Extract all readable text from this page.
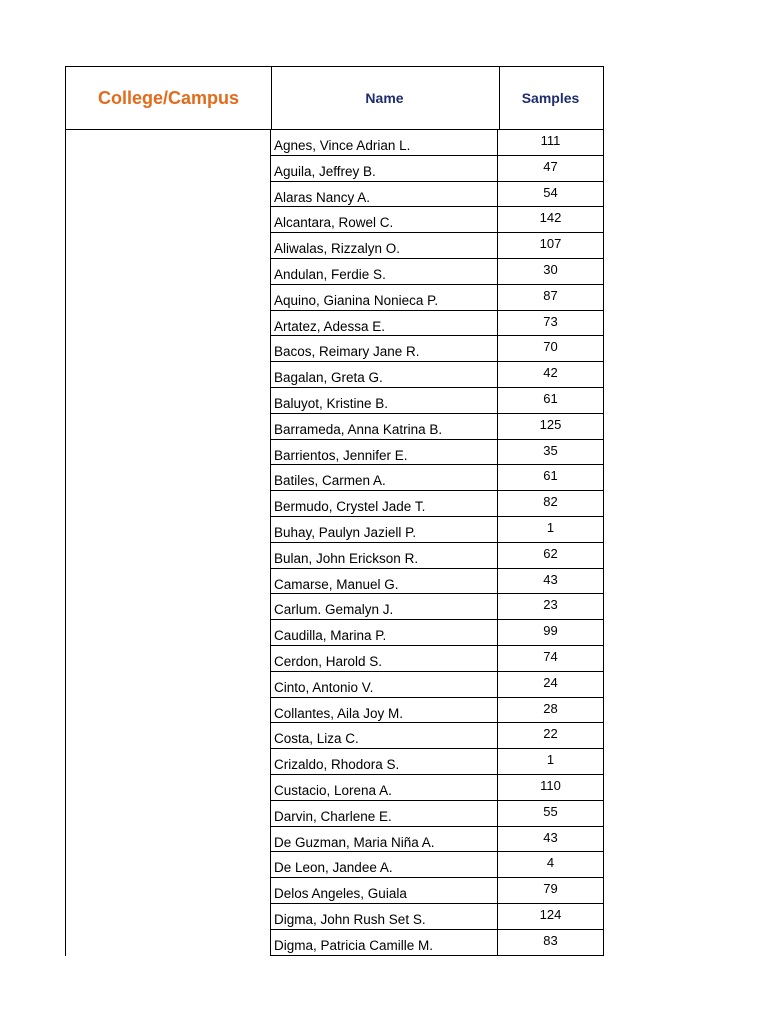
College/Campus	Name	Samples
Agnes, Vince Adrian L.	111
Aguila, Jeffrey B.	47
Alaras Nancy A.	54
Alcantara, Rowel C.	142
Aliwalas, Rizzalyn O.	107
Andulan, Ferdie S.	30
Aquino, Gianina Nonieca P.	87
Artatez, Adessa E.	73
Bacos, Reimary Jane R.	70
Bagalan, Greta G.	42
Baluyot, Kristine B.	61
Barrameda, Anna Katrina B.	125
Barrientos, Jennifer E.	35
Batiles, Carmen A.	61
Bermudo, Crystel Jade T.	82
Buhay, Paulyn Jaziell P.	1
Bulan, John Erickson R.	62
Camarse, Manuel G.	43
Carlum. Gemalyn J.	23
Caudilla, Marina P.	99
Cerdon, Harold S.	74
Cinto, Antonio V.	24
Collantes, Aila Joy M.	28
Costa, Liza C.	22
Crizaldo, Rhodora S.	1
Custacio, Lorena A.	110
Darvin, Charlene E.	55
De Guzman, Maria Niña A.	43
De Leon, Jandee A.	4
Delos Angeles, Guiala	79
Digma, John Rush Set S.	124
Digma, Patricia Camille M.	83
